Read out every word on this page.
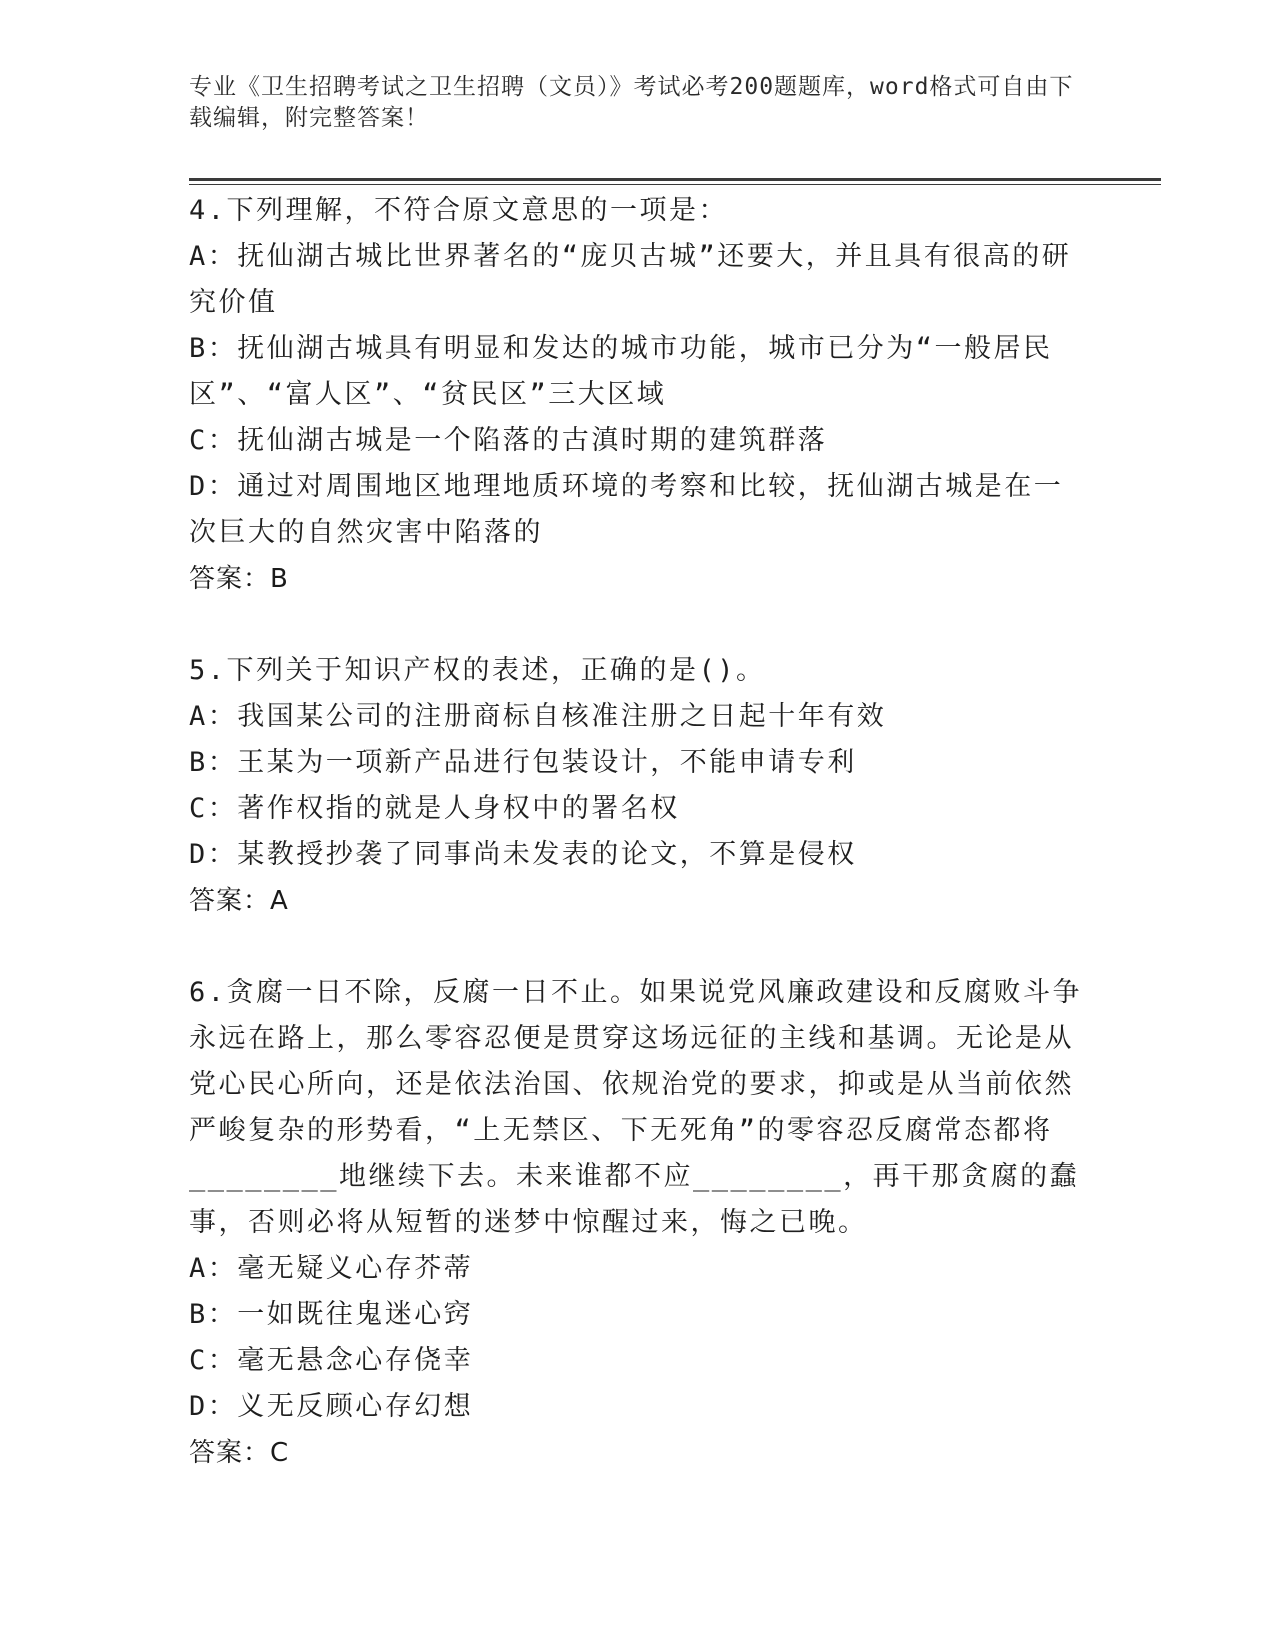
专业《卫生招聘考试之卫生招聘（文员）》考试必考200题题库，word格式可自由下载编辑，附完整答案！
4.下列理解，不符合原文意思的一项是：
A：抚仙湖古城比世界著名的“庞贝古城”还要大，并且具有很高的研究价值
B：抚仙湖古城具有明显和发达的城市功能，城市已分为“一般居民区”、“富人区”、“贫民区”三大区域
C：抚仙湖古城是一个陷落的古滇时期的建筑群落
D：通过对周围地区地理地质环境的考察和比较，抚仙湖古城是在一次巨大的自然灾害中陷落的
答案：B
5.下列关于知识产权的表述，正确的是()。
A：我国某公司的注册商标自核准注册之日起十年有效
B：王某为一项新产品进行包装设计，不能申请专利
C：著作权指的就是人身权中的署名权
D：某教授抄袭了同事尚未发表的论文，不算是侵权
答案：A
6.贪腐一日不除，反腐一日不止。如果说党风廉政建设和反腐败斗争永远在路上，那么零容忍便是贯穿这场远征的主线和基调。无论是从党心民心所向，还是依法治国、依规治党的要求，抑或是从当前依然严峻复杂的形势看，“上无禁区、下无死角”的零容忍反腐常态都将________地继续下去。未来谁都不应________，再干那贪腐的蠢事，否则必将从短暂的迷梦中惊醒过来，悔之已晚。
A：毫无疑义心存芥蒂
B：一如既往鬼迷心窍
C：毫无悬念心存侥幸
D：义无反顾心存幻想
答案：C
